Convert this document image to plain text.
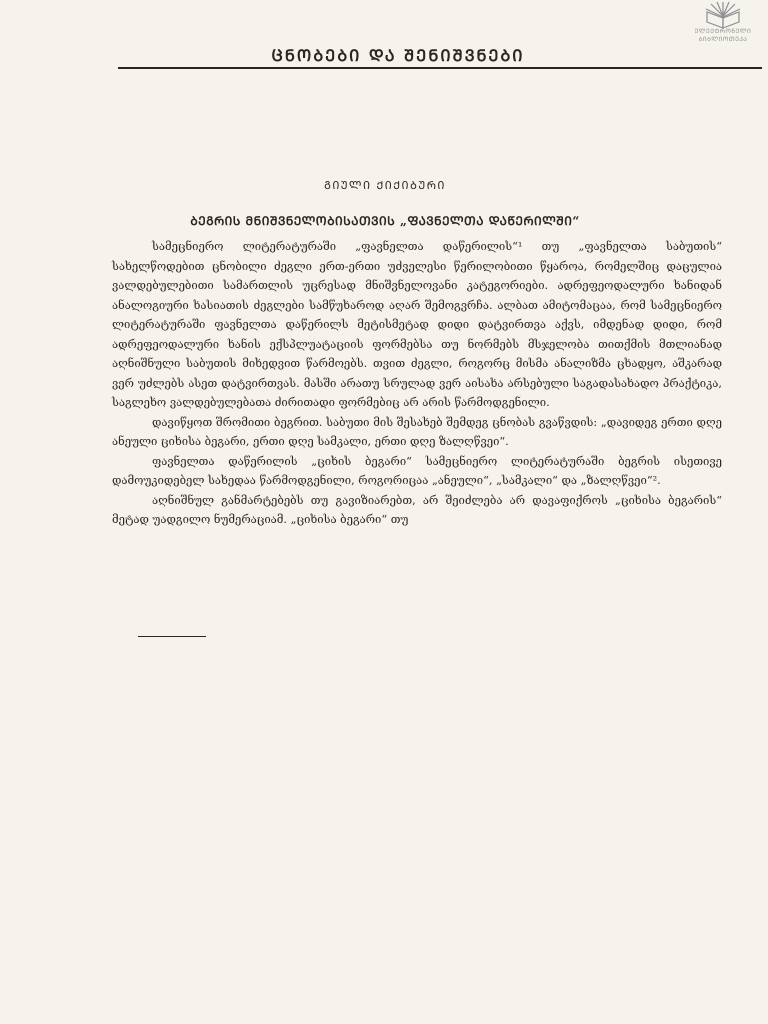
ᲔᲚᲔᲥᲢᲠᲝᲜᲣᲚᲘ
ᲑᲘᲑᲚᲘᲝᲗᲔᲙᲐ
ᲪᲜᲝᲑᲔᲑᲘ ᲓᲐ ᲨᲔᲜᲘᲨᲕᲜᲔᲑᲘ
ᲒᲘᲣᲚᲘ ᲥᲘᲥᲘᲑᲣᲠᲘ
ᲑᲔᲒᲠᲘᲡ ᲛᲜᲘᲨᲕᲜᲔᲚᲝᲑᲘᲡᲐᲗᲕᲘᲡ „ᲤᲐᲕᲜᲔᲚᲗᲐ ᲓᲐᲬᲔᲠᲘᲚᲨᲘ“

სამეცნიერო ლიტერატურაში „ფავნელთა დაწერილის“¹ თუ „ფავნელთა საბუთის“ სახელწოდებით ცნობილი ძეგლი ერთ-ერთი უძველესი წერილობითი წყაროა, რომელშიც დაცულია ვალდებულებითი სამართლის უცრესად მნიშვნელოვანი კატეგორიები. ადრეფეოდალური ხანიდან ანალოგიური ხასიათის ძეგლები სამწუხაროდ აღარ შემოგვრჩა. ალბათ ამიტომაცაა, რომ სამეცნიერო ლიტერატურაში ფავნელთა დაწერილს მეტისმეტად დიდი დატვირთვა აქვს, იმდენად დიდი, რომ ადრეფეოდალური ხანის ექსპლუატაციის ფორმებსა თუ ნორმებს მსჯელობა თითქმის მთლიანად აღნიშნული საბუთის მიხედვით წარმოებს. თვით ძეგლი, როგორც მისმა ანალიზმა ცხადყო, აშკარად ვერ უძლებს ასეთ დატვირთვას. მასში არათუ სრულად ვერ აისახა არსებული საგადასახადო პრაქტიკა, საგლეხო ვალდებულებათა ძირითადი ფორმებიც არ არის წარმოდგენილი.

დავიწყოთ შრომითი ბეგრით. საბუთი მის შესახებ შემდეგ ცნობას გვაწვდის: „დავიდეგ ერთი დღე ანეული ციხისა ბეგარი, ერთი დღე სამკალი, ერთი დღე ზალღწვეი“.

ფავნელთა დაწერილის „ციხის ბეგარი“ სამეცნიერო ლიტერატურაში ბეგრის ისეთივე დამოუკიდებელ სახედაა წარმოდგენილი, როგორიცაა „ანეული“, „სამკალი“ და „ზალღწვეი“².

აღნიშნულ განმარტებებს თუ გავიზიარებთ, არ შეიძლება არ დავაფიქროს „ციხისა ბეგარის“ მეტად უადგილო ნუმერაციამ. „ციხისა ბეგარი“ თუ
